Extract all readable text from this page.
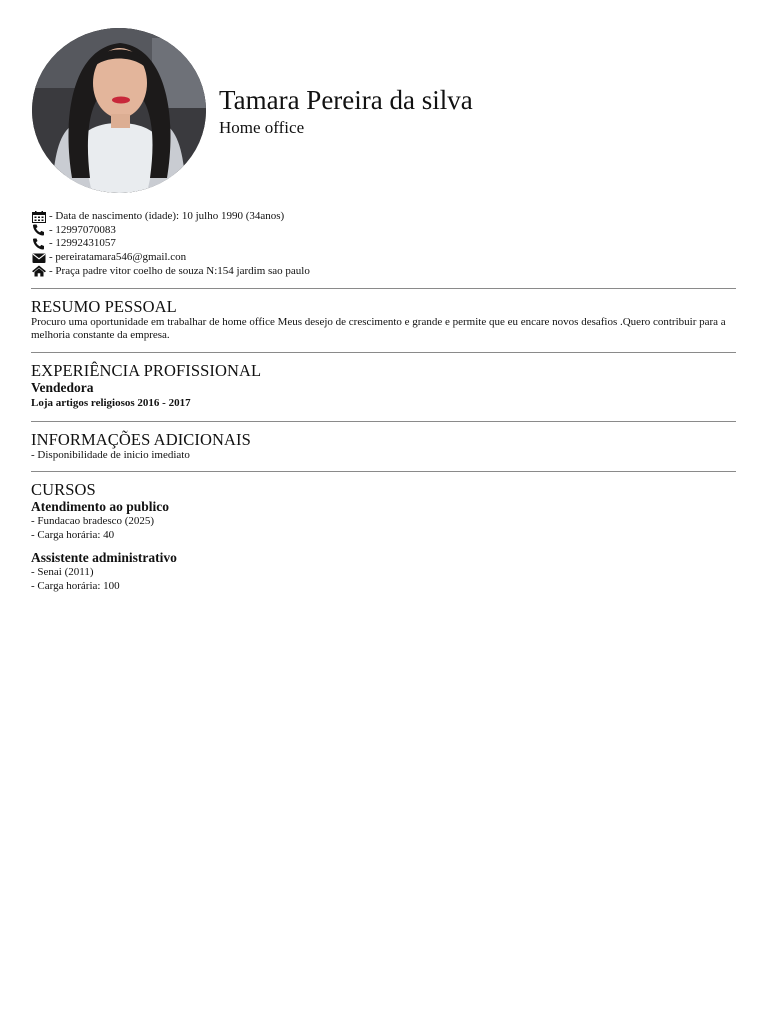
Tamara Pereira da silva
Home office
- Data de nascimento (idade): 10 julho 1990 (34anos)
- 12997070083
- 12992431057
- pereiratamara546@gmail.con
- Praça padre vitor coelho de souza N:154 jardim sao paulo
RESUMO PESSOAL

Procuro uma oportunidade em trabalhar de home office Meus desejo de crescimento e grande e permite que eu encare novos desafios .Quero contribuir para a melhoria constante da empresa.

EXPERIÊNCIA PROFISSIONAL

Vendedora

Loja artigos religiosos 2016 - 2017

INFORMAÇÕES ADICIONAIS

- Disponibilidade de inicio imediato

CURSOS

Atendimento ao publico

- Fundacao bradesco (2025)

- Carga horária: 40

Assistente administrativo

- Senai (2011)

- Carga horária: 100
